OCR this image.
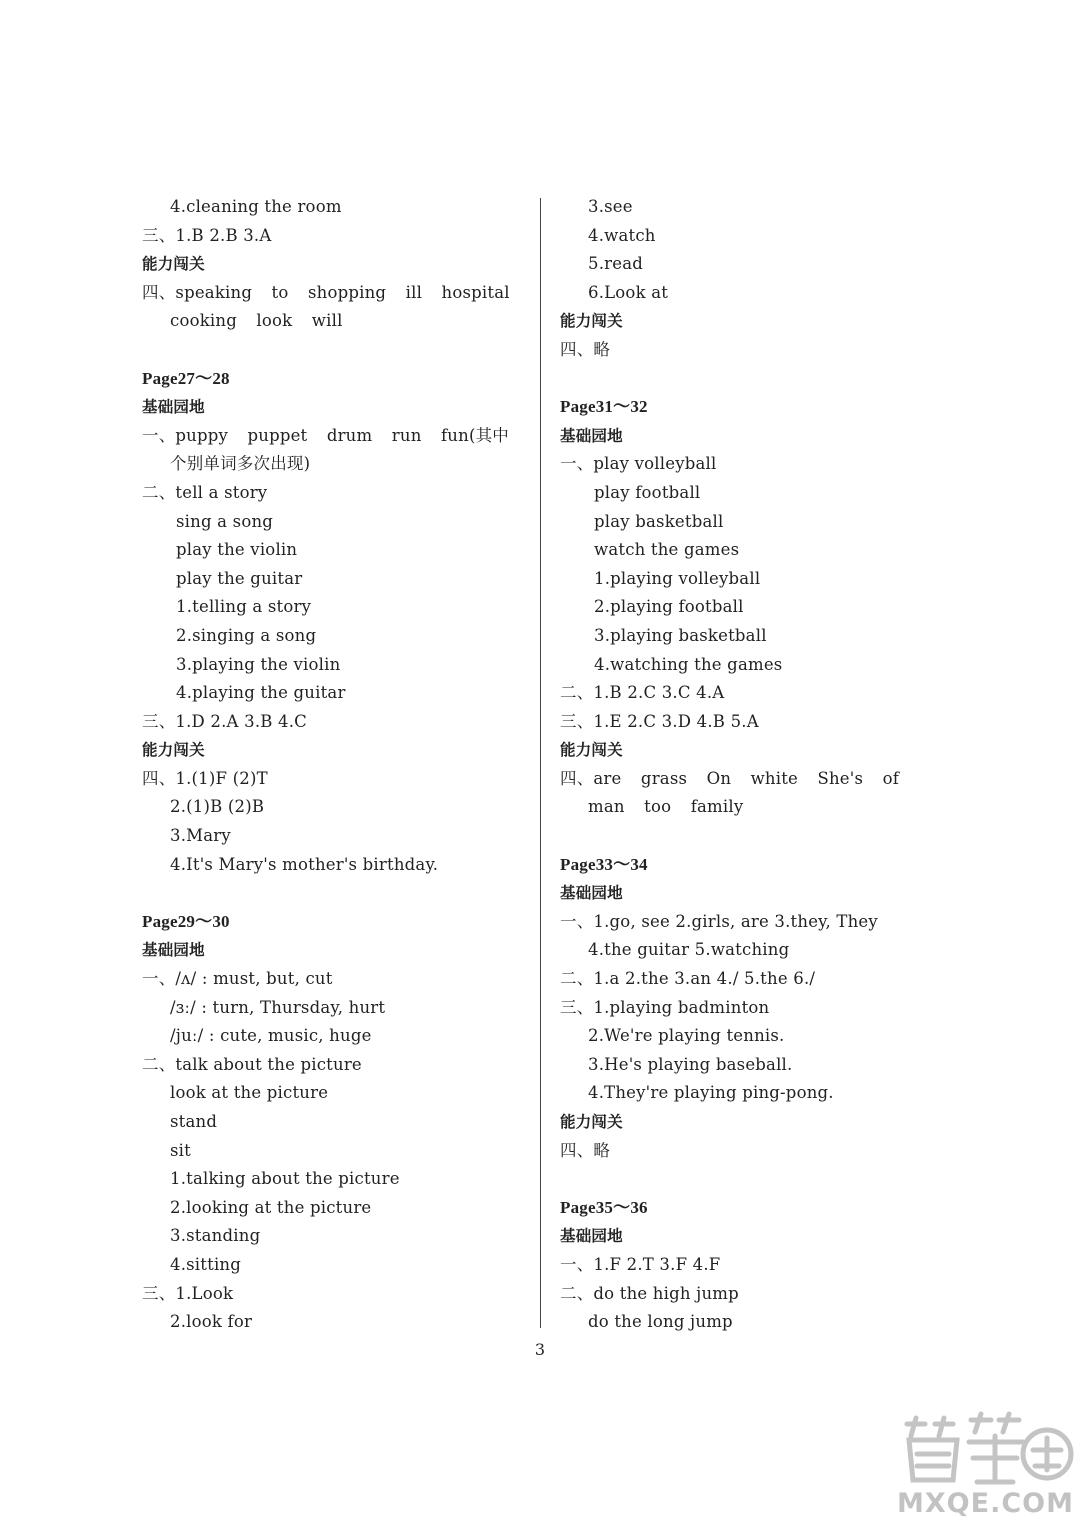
4.cleaning the room
三、1.B 2.B 3.A
能力闯关
四、speaking to shopping ill hospital
cooking look will
Page27～28
基础园地
一、puppy puppet drum run fun(其中
个别单词多次出现)
二、tell a story
sing a song
play the violin
play the guitar
1.telling a story
2.singing a song
3.playing the violin
4.playing the guitar
三、1.D 2.A 3.B 4.C
能力闯关
四、1.(1)F (2)T
2.(1)B (2)B
3.Mary
4.It's Mary's mother's birthday.
Page29～30
基础园地
一、/ʌ/ : must, but, cut
/ɜː/ : turn, Thursday, hurt
/juː/ : cute, music, huge
二、talk about the picture
look at the picture
stand
sit
1.talking about the picture
2.looking at the picture
3.standing
4.sitting
三、1.Look
2.look for
3.see
4.watch
5.read
6.Look at
能力闯关
四、略
Page31～32
基础园地
一、play volleyball
play football
play basketball
watch the games
1.playing volleyball
2.playing football
3.playing basketball
4.watching the games
二、1.B 2.C 3.C 4.A
三、1.E 2.C 3.D 4.B 5.A
能力闯关
四、are grass On white She's of
man too family
Page33～34
基础园地
一、1.go, see 2.girls, are 3.they, They
4.the guitar 5.watching
二、1.a 2.the 3.an 4./ 5.the 6./
三、1.playing badminton
2.We're playing tennis.
3.He's playing baseball.
4.They're playing ping-pong.
能力闯关
四、略
Page35～36
基础园地
一、1.F 2.T 3.F 4.F
二、do the high jump
do the long jump
3
MXQE.COM
